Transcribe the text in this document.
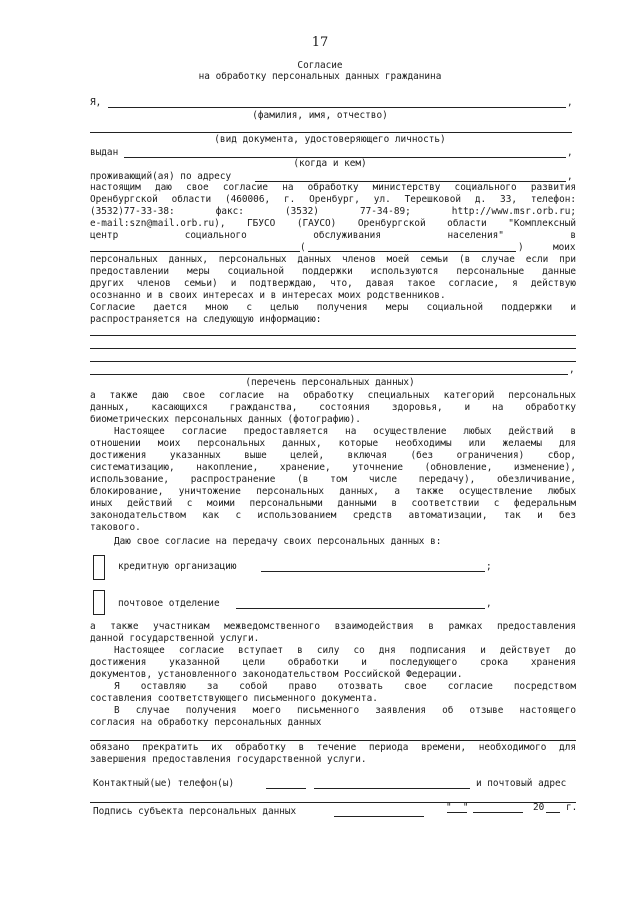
17
Согласие
на обработку персональных данных гражданина
Я,	,
(фамилия, имя, отчество)
(вид документа, удостоверяющего личность)
выдан	,
(когда и кем)
проживающий(ая) по адресу	,
настоящим даю свое согласие на обработку министерству социального развития
Оренбургской области (460006, г. Оренбург, ул. Терешковой д. 33, телефон:
(3532)77-33-38: факс: (3532) 77-34-89; http://www.msr.orb.ru;
e-mail:szn@mail.orb.ru), ГБУСО (ГАУСО) Оренбургской области "Комплексный
центр социального обслуживания населения" в
(	)	моих
персональных данных, персональных данных членов моей семьи (в случае если при
предоставлении меры социальной поддержки используются персональные данные
других членов семьи) и подтверждаю, что, давая такое согласие, я действую
осознанно и в своих интересах и в интересах моих родственников.
Согласие дается мною с целью получения меры социальной поддержки и
распространяется на следующую информацию:
,
(перечень персональных данных)
а также даю свое согласие на обработку специальных категорий персональных
данных, касающихся гражданства, состояния здоровья, и на обработку
биометрических персональных данных (фотографию).
Настоящее согласие предоставляется на осуществление любых действий в
отношении моих персональных данных, которые необходимы или желаемы для
достижения указанных выше целей, включая (без ограничения) сбор,
систематизацию, накопление, хранение, уточнение (обновление, изменение),
использование, распространение (в том числе передачу), обезличивание,
блокирование, уничтожение персональных данных, а также осуществление любых
иных действий с моими персональными данными в соответствии с федеральным
законодательством как с использованием средств автоматизации, так и без
такового.
Даю свое согласие на передачу своих персональных данных в:
кредитную организацию	;
почтовое отделение	,
а также участникам межведомственного взаимодействия в рамках предоставления
данной государственной услуги.
Настоящее согласие вступает в силу со дня подписания и действует до
достижения указанной цели обработки и последующего срока хранения
документов, установленного законодательством Российской Федерации.
Я оставляю за собой право отозвать свое согласие посредством
составления соответствующего письменного документа.
В случае получения моего письменного заявления об отзыве настоящего
согласия на обработку персональных данных
обязано прекратить их обработку в течение периода времени, необходимого для
завершения предоставления государственной услуги.
Контактный(ые) телефон(ы)	и почтовый адрес
Подпись субъекта персональных данных	"  "	20 г.
